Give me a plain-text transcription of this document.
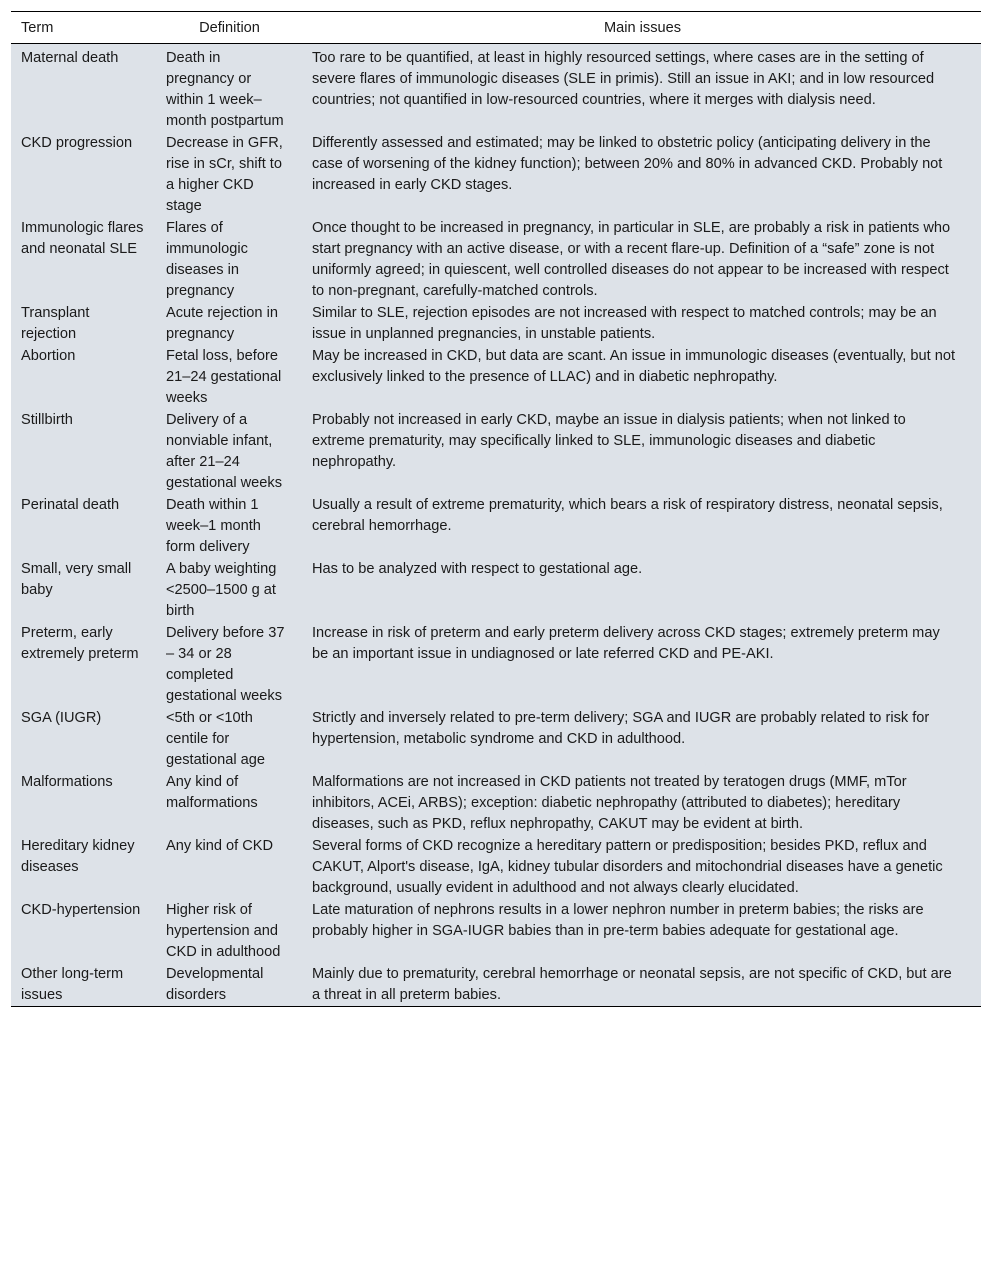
Term	Definition	Main issues
Maternal death	Death in pregnancy or within 1 week–month postpartum	Too rare to be quantified, at least in highly resourced settings, where cases are in the setting of severe flares of immunologic diseases (SLE in primis). Still an issue in AKI; and in low resourced countries; not quantified in low-resourced countries, where it merges with dialysis need.
CKD progression	Decrease in GFR, rise in sCr, shift to a higher CKD stage	Differently assessed and estimated; may be linked to obstetric policy (anticipating delivery in the case of worsening of the kidney function); between 20% and 80% in advanced CKD. Probably not increased in early CKD stages.
Immunologic flares and neonatal SLE	Flares of immunologic diseases in pregnancy	Once thought to be increased in pregnancy, in particular in SLE, are probably a risk in patients who start pregnancy with an active disease, or with a recent flare-up. Definition of a “safe” zone is not uniformly agreed; in quiescent, well controlled diseases do not appear to be increased with respect to non-pregnant, carefully-matched controls.
Transplant rejection	Acute rejection in pregnancy	Similar to SLE, rejection episodes are not increased with respect to matched controls; may be an issue in unplanned pregnancies, in unstable patients.
Abortion	Fetal loss, before 21–24 gestational weeks	May be increased in CKD, but data are scant. An issue in immunologic diseases (eventually, but not exclusively linked to the presence of LLAC) and in diabetic nephropathy.
Stillbirth	Delivery of a nonviable infant, after 21–24 gestational weeks	Probably not increased in early CKD, maybe an issue in dialysis patients; when not linked to extreme prematurity, may specifically linked to SLE, immunologic diseases and diabetic nephropathy.
Perinatal death	Death within 1 week–1 month form delivery	Usually a result of extreme prematurity, which bears a risk of respiratory distress, neonatal sepsis, cerebral hemorrhage.
Small, very small baby	A baby weighting <2500–1500 g at birth	Has to be analyzed with respect to gestational age.
Preterm, early extremely preterm	Delivery before 37 – 34 or 28 completed gestational weeks	Increase in risk of preterm and early preterm delivery across CKD stages; extremely preterm may be an important issue in undiagnosed or late referred CKD and PE-AKI.
SGA (IUGR)	<5th or <10th centile for gestational age	Strictly and inversely related to pre-term delivery; SGA and IUGR are probably related to risk for hypertension, metabolic syndrome and CKD in adulthood.
Malformations	Any kind of malformations	Malformations are not increased in CKD patients not treated by teratogen drugs (MMF, mTor inhibitors, ACEi, ARBS); exception: diabetic nephropathy (attributed to diabetes); hereditary diseases, such as PKD, reflux nephropathy, CAKUT may be evident at birth.
Hereditary kidney diseases	Any kind of CKD	Several forms of CKD recognize a hereditary pattern or predisposition; besides PKD, reflux and CAKUT, Alport's disease, IgA, kidney tubular disorders and mitochondrial diseases have a genetic background, usually evident in adulthood and not always clearly elucidated.
CKD-hypertension	Higher risk of hypertension and CKD in adulthood	Late maturation of nephrons results in a lower nephron number in preterm babies; the risks are probably higher in SGA-IUGR babies than in pre-term babies adequate for gestational age.
Other long-term issues	Developmental disorders	Mainly due to prematurity, cerebral hemorrhage or neonatal sepsis, are not specific of CKD, but are a threat in all preterm babies.
